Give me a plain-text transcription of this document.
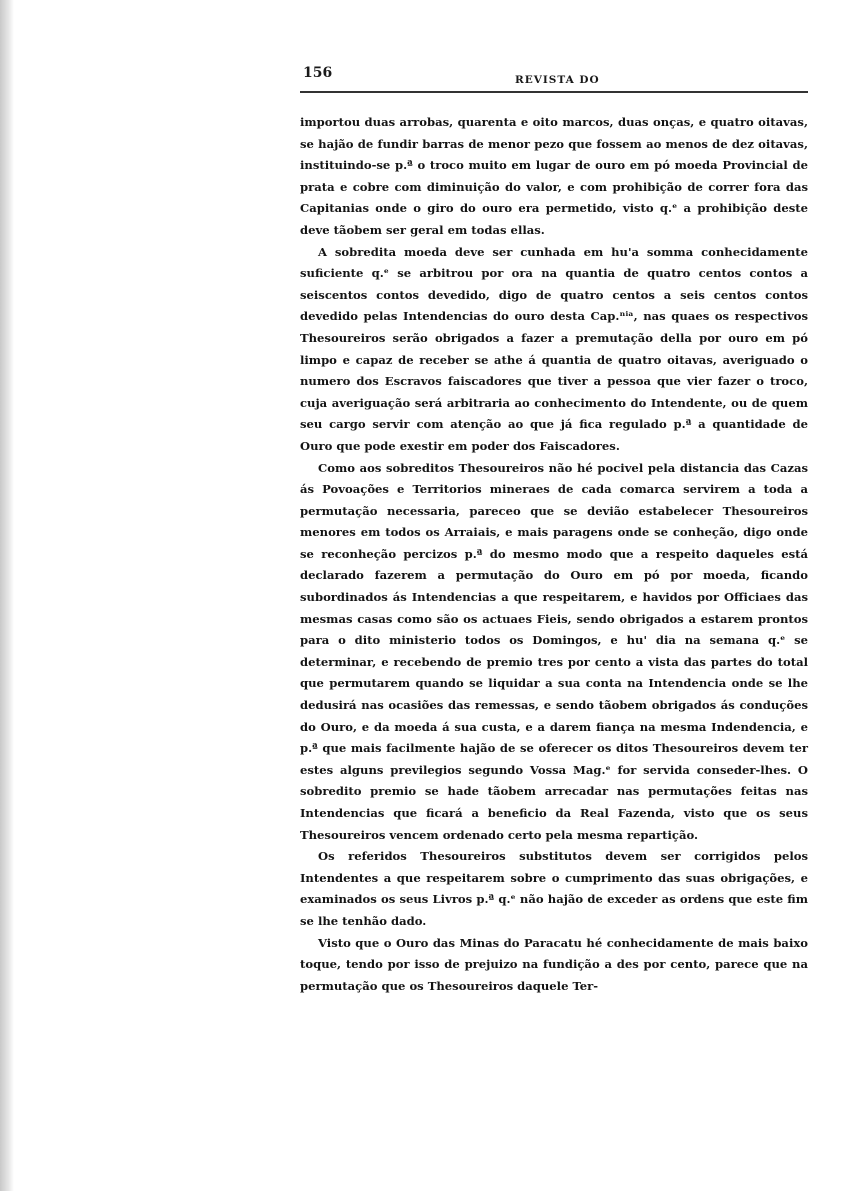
156	REVISTA DO

importou duas arrobas, quarenta e oito marcos, duas onças, e quatro oitavas, se hajão de fundir barras de menor pezo que fossem ao menos de dez oitavas, instituindo-se p.ª o troco muito em lugar de ouro em pó moeda Provincial de prata e cobre com diminuição do valor, e com prohibição de correr fora das Capitanias onde o giro do ouro era permetido, visto q.ᵉ a prohibição deste deve tãobem ser geral em todas ellas.

A sobredita moeda deve ser cunhada em hu'a somma conhecidamente suficiente q.ᵉ se arbitrou por ora na quantia de quatro centos contos a seiscentos contos devedido, digo de quatro centos a seis centos contos devedido pelas Intendencias do ouro desta Cap.ⁿⁱᵃ, nas quaes os respectivos Thesoureiros serão obrigados a fazer a premutação della por ouro em pó limpo e capaz de receber se athe á quantia de quatro oitavas, averiguado o numero dos Escravos faiscadores que tiver a pessoa que vier fazer o troco, cuja averiguação será arbitraria ao conhecimento do Intendente, ou de quem seu cargo servir com atenção ao que já fica regulado p.ª a quantidade de Ouro que pode exestir em poder dos Faiscadores.

Como aos sobreditos Thesoureiros não hé pocivel pela distancia das Cazas ás Povoações e Territorios mineraes de cada comarca servirem a toda a permutação necessaria, pareceo que se devião estabelecer Thesoureiros menores em todos os Arraiais, e mais paragens onde se conheção, digo onde se reconheção percizos p.ª do mesmo modo que a respeito daqueles está declarado fazerem a permutação do Ouro em pó por moeda, ficando subordinados ás Intendencias a que respeitarem, e havidos por Officiaes das mesmas casas como são os actuaes Fieis, sendo obrigados a estarem prontos para o dito ministerio todos os Domingos, e hu' dia na semana q.ᵉ se determinar, e recebendo de premio tres por cento a vista das partes do total que permutarem quando se liquidar a sua conta na Intendencia onde se lhe dedusirá nas ocasiões das remessas, e sendo tãobem obrigados ás conduções do Ouro, e da moeda á sua custa, e a darem fiança na mesma Indendencia, e p.ª que mais facilmente hajão de se oferecer os ditos Thesoureiros devem ter estes alguns previlegios segundo Vossa Mag.ᵉ for servida conseder-lhes. O sobredito premio se hade tãobem arrecadar nas permutações feitas nas Intendencias que ficará a beneficio da Real Fazenda, visto que os seus Thesoureiros vencem ordenado certo pela mesma repartição.

Os referidos Thesoureiros substitutos devem ser corrigidos pelos Intendentes a que respeitarem sobre o cumprimento das suas obrigações, e examinados os seus Livros p.ª q.ᵉ não hajão de exceder as ordens que este fim se lhe tenhão dado.

Visto que o Ouro das Minas do Paracatu hé conhecidamente de mais baixo toque, tendo por isso de prejuizo na fundição a des por cento, parece que na permutação que os Thesoureiros daquele Ter-
